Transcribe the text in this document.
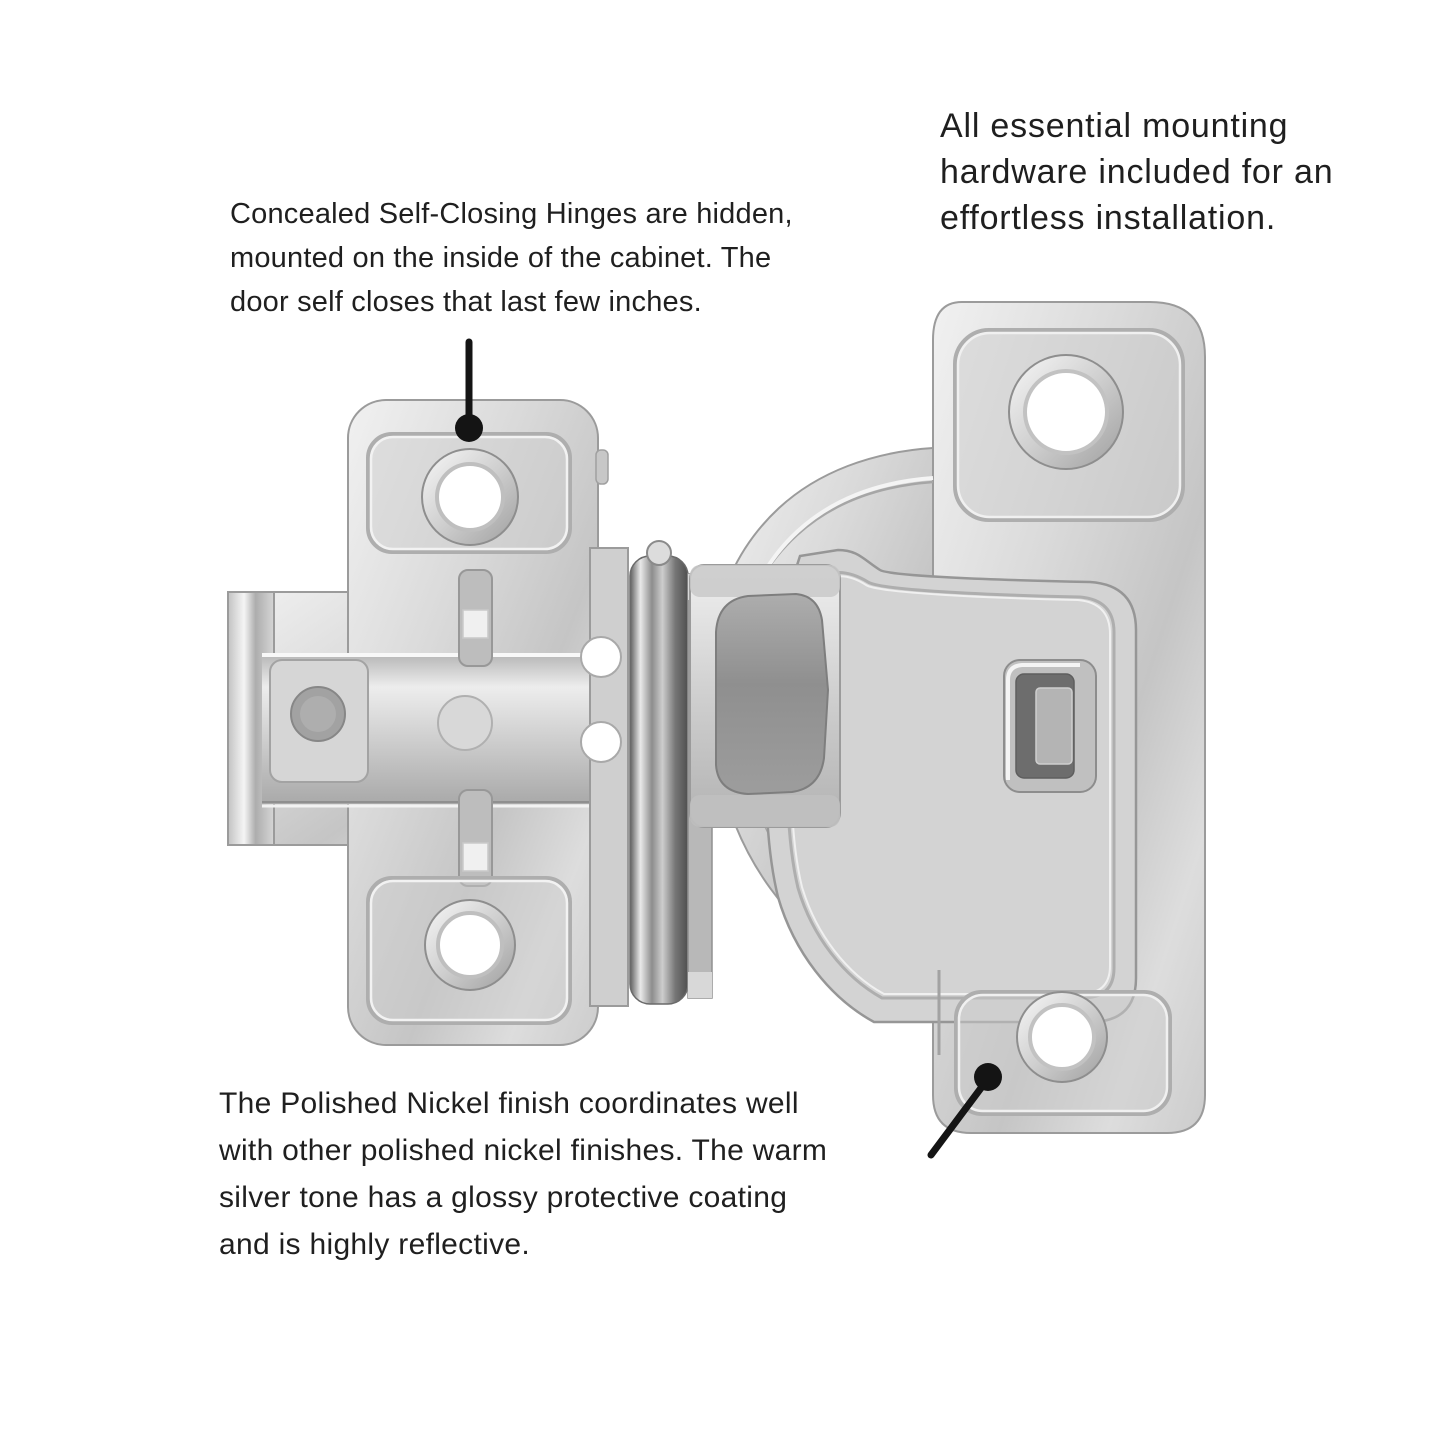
Concealed Self-Closing Hinges are hidden,
mounted on the inside of the cabinet. The
door self closes that last few inches.
All essential mounting
hardware included for an
effortless installation.
The Polished Nickel finish coordinates well
with other polished nickel finishes. The warm
silver tone has a glossy protective coating
and is highly reflective.
